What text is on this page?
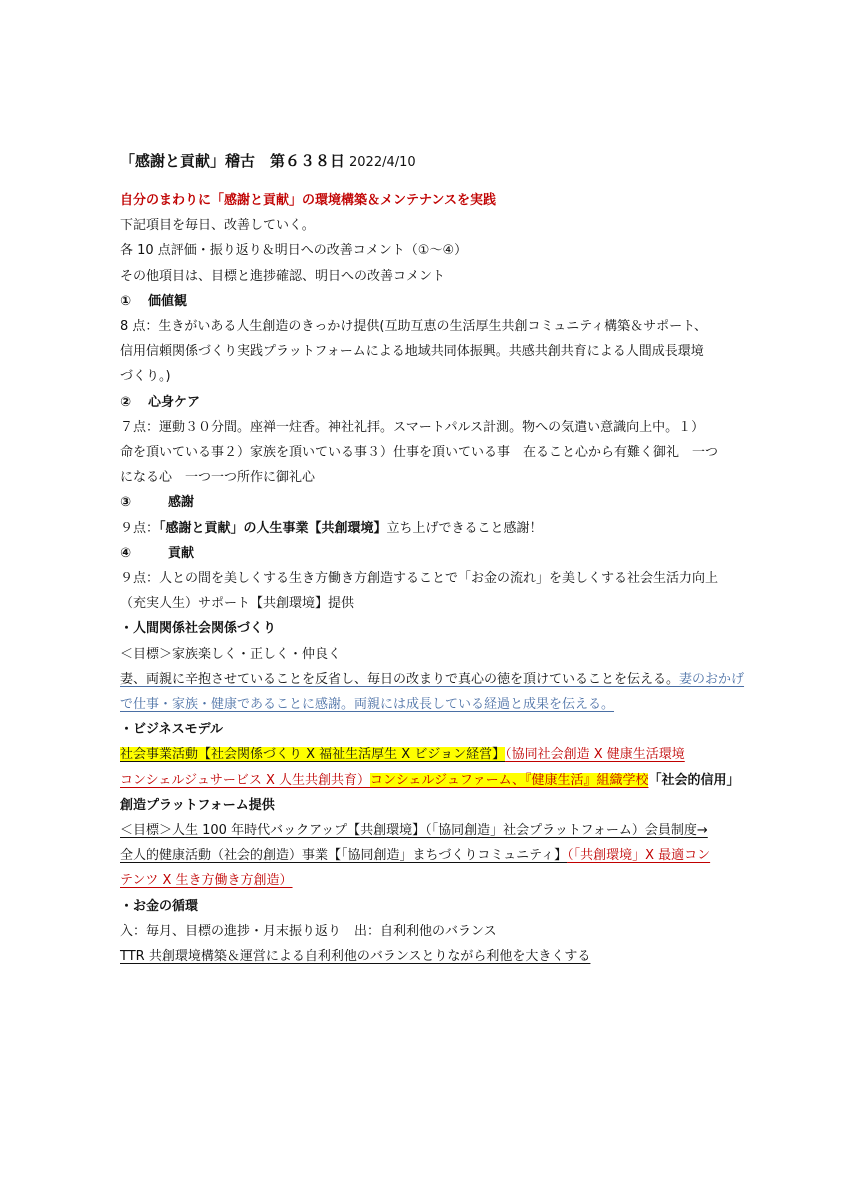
「感謝と貢献」稽古　第６３８日 2022/4/10
自分のまわりに「感謝と貢献」の環境構築＆メンテナンスを実践
下記項目を毎日、改善していく。
各 10 点評価・振り返り＆明日への改善コメント（①～④）
その他項目は、目標と進捗確認、明日への改善コメント
① 価値観
8 点：生きがいある人生創造のきっかけ提供(互助互恵の生活厚生共創コミュニティ構築＆サポート、
信用信頼関係づくり実践プラットフォームによる地域共同体振興。共感共創共育による人間成長環境
づくり。)
② 心身ケア
７点：運動３０分間。座禅一炷香。神社礼拝。スマートパルス計測。物への気遣い意識向上中。１）
命を頂いている事２）家族を頂いている事３）仕事を頂いている事　在ること心から有難く御礼　一つ
になる心　一つ一つ所作に御礼心
③	感謝
９点：「感謝と貢献」の人生事業【共創環境】立ち上げできること感謝！
④	貢献
９点：人との間を美しくする生き方働き方創造することで「お金の流れ」を美しくする社会生活力向上
（充実人生）サポート【共創環境】提供
・人間関係社会関係づくり
＜目標＞家族楽しく・正しく・仲良く
妻、両親に辛抱させていることを反省し、毎日の改まりで真心の徳を頂けていることを伝える。妻のおかげ
で仕事・家族・健康であることに感謝。両親には成長している経過と成果を伝える。
・ビジネスモデル
社会事業活動【社会関係づくり X 福祉生活厚生 X ビジョン経営】（協同社会創造 X 健康生活環境
コンシェルジュサービス X 人生共創共育）コンシェルジュファーム、『健康生活』組織学校「社会的信用」
創造プラットフォーム提供
＜目標＞人生 100 年時代バックアップ【共創環境】（「協同創造」社会プラットフォーム）会員制度→
全人的健康活動（社会的創造）事業【「協同創造」まちづくりコミュニティ】（「共創環境」X 最適コン
テンツ X 生き方働き方創造）
・お金の循環
入：毎月、目標の進捗・月末振り返り　出：自利利他のバランス
TTR 共創環境構築＆運営による自利利他のバランスとりながら利他を大きくする
